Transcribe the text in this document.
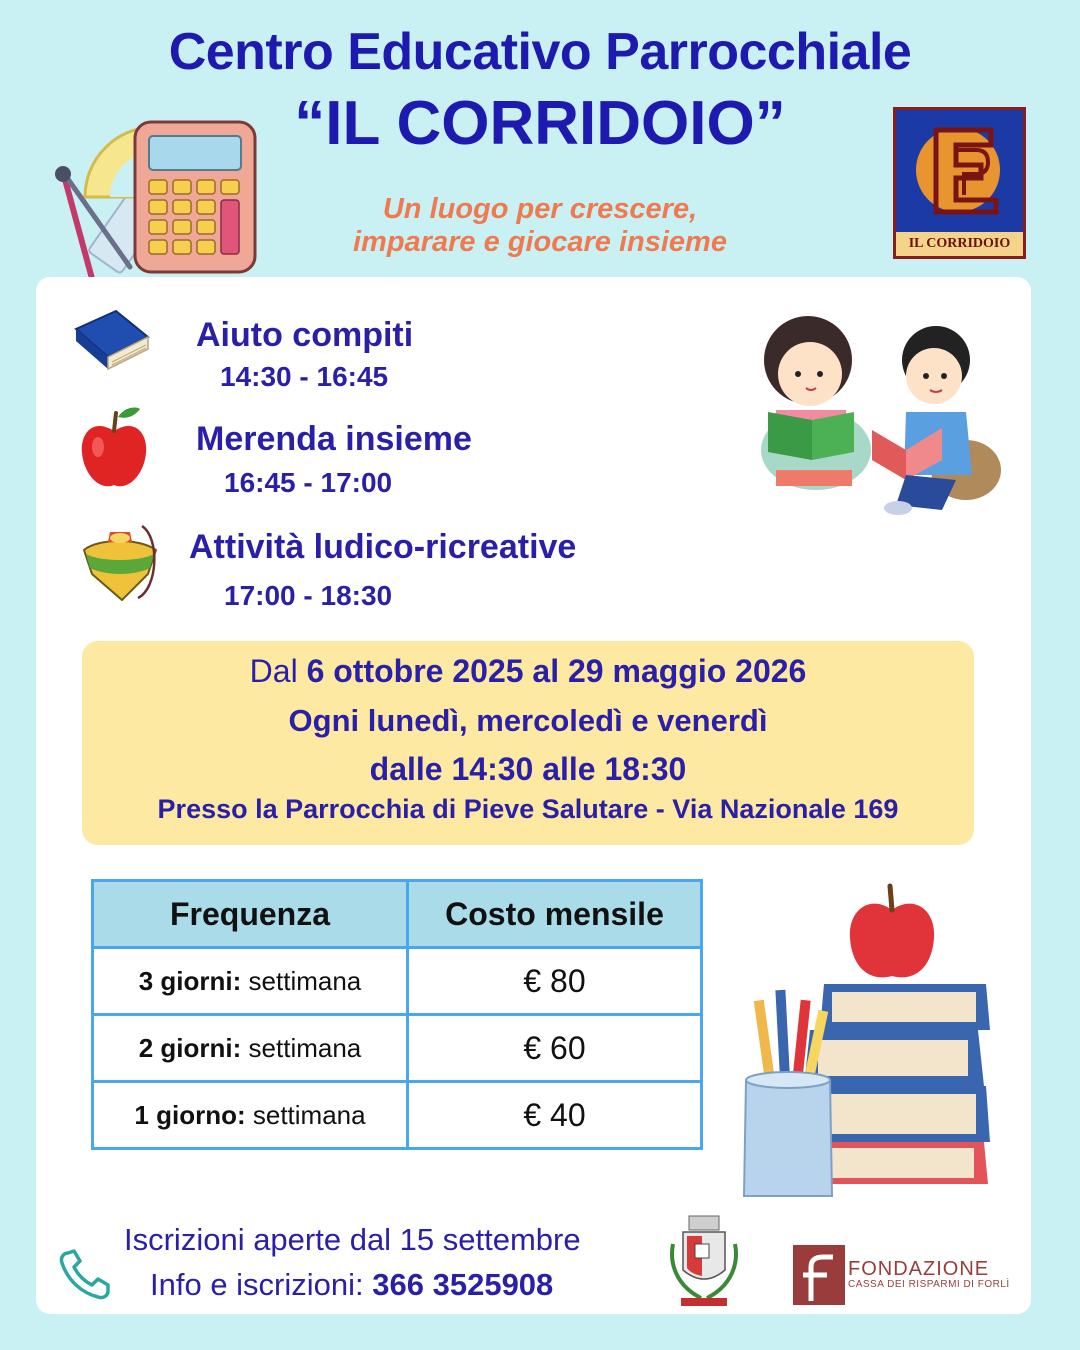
Centro Educativo Parrocchiale
“IL CORRIDOIO”
Un luogo per crescere,
imparare e giocare insieme	IL CORRIDOIO
Aiuto compiti
14:30 - 16:45
Merenda insieme
16:45 - 17:00
Attività ludico-ricreative
17:00 - 18:30
Dal 6 ottobre 2025 al 29 maggio 2026
Ogni lunedì, mercoledì e venerdì
dalle 14:30 alle 18:30
Presso la Parrocchia di Pieve Salutare - Via Nazionale 169
Frequenza	Costo mensile
3 giorni: settimana	€ 80
2 giorni: settimana	€ 60
1 giorno: settimana	€ 40
Iscrizioni aperte dal 15 settembre
Info e iscrizioni: 366 3525908	FONDAZIONE
CASSA DEI RISPARMI DI FORLÌ
